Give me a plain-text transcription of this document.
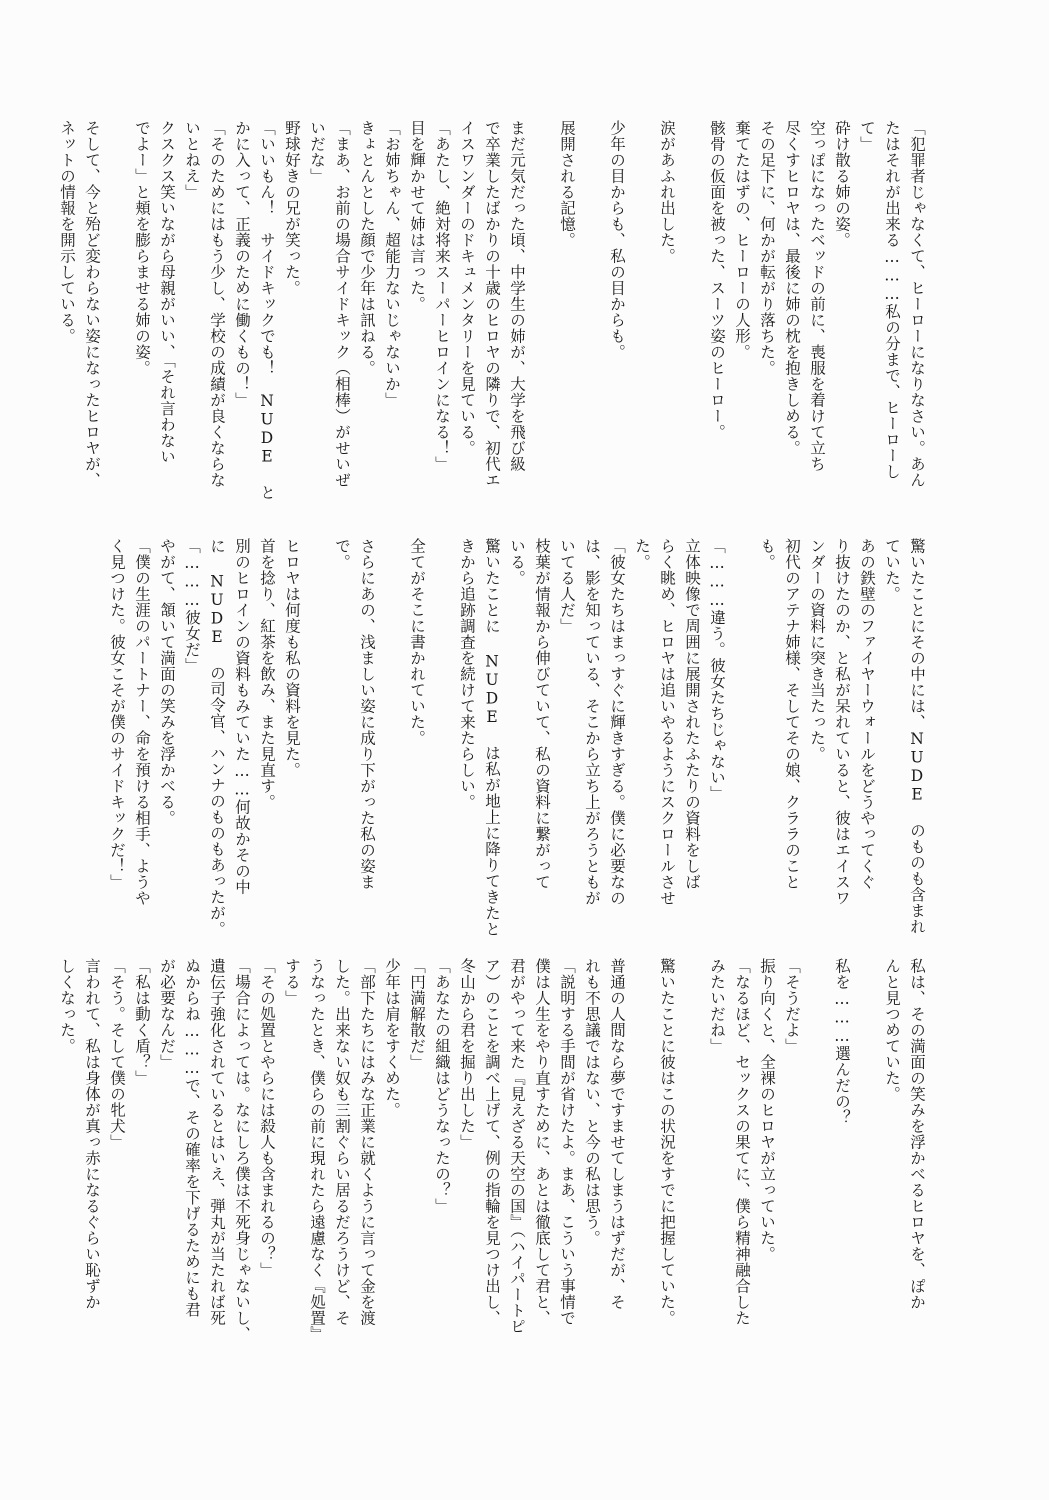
「犯罪者じゃなくて、ヒーローになりなさい。あん
たはそれが出来る………私の分まで、ヒーローし
て」
砕け散る姉の姿。
空っぽになったベッドの前に、喪服を着けて立ち
尽くすヒロヤは、最後に姉の枕を抱きしめる。
その足下に、何かが転がり落ちた。
棄てたはずの、ヒーローの人形。
骸骨の仮面を被った、スーツ姿のヒーロー。
涙があふれ出した。
少年の目からも、私の目からも。
展開される記憶。
まだ元気だった頃、中学生の姉が、大学を飛び級
で卒業したばかりの十歳のヒロヤの隣りで、初代エ
イスワンダーのドキュメンタリーを見ている。
「あたし、絶対将来スーパーヒロインになる！」
目を輝かせて姉は言った。
「お姉ちゃん、超能力ないじゃないか」
きょとんとした顔で少年は訊ねる。
「まあ、お前の場合サイドキック（相棒）がせいぜ
いだな」
野球好きの兄が笑った。
「いいもん！　サイドキックでも！　NUDE と
かに入って、正義のために働くもの！」
「そのためにはもう少し、学校の成績が良くならな
いとねえ」
クスクス笑いながら母親がいい、「それ言わない
でよー」と頬を膨らませる姉の姿。
そして、今と殆ど変わらない姿になったヒロヤが、
ネットの情報を開示している。
驚いたことにその中には、NUDE のものも含まれ
ていた。
あの鉄壁のファイヤーウォールをどうやってくぐ
り抜けたのか、と私が呆れていると、彼はエイスワ
ンダーの資料に突き当たった。
初代のアテナ姉様、そしてその娘、クララのこと
も。
「………違う。彼女たちじゃない」
立体映像で周囲に展開されたふたりの資料をしば
らく眺め、ヒロヤは追いやるようにスクロールさせ
た。
「彼女たちはまっすぐに輝きすぎる。僕に必要なの
は、影を知っている、そこから立ち上がろうともが
いてる人だ」
枝葉が情報から伸びていて、私の資料に繋がって
いる。
驚いたことに NUDE は私が地上に降りてきたと
きから追跡調査を続けて来たらしい。
全てがそこに書かれていた。
さらにあの、浅ましい姿に成り下がった私の姿ま
で。
ヒロヤは何度も私の資料を見た。
首を捻り、紅茶を飲み、また見直す。
別のヒロインの資料もみていた……何故かその中
に NUDE の司令官、ハンナのものもあったが。
「………彼女だ」
やがて、頷いて満面の笑みを浮かべる。
「僕の生涯のパートナー、命を預ける相手、ようや
く見つけた。彼女こそが僕のサイドキックだ！」
私は、その満面の笑みを浮かべるヒロヤを、ぽか
んと見つめていた。
私を………選んだの？
「そうだよ」
振り向くと、全裸のヒロヤが立っていた。
「なるほど、セックスの果てに、僕ら精神融合した
みたいだね」
驚いたことに彼はこの状況をすでに把握していた。
普通の人間なら夢ですませてしまうはずだが、そ
れも不思議ではない、と今の私は思う。
「説明する手間が省けたよ。まあ、こういう事情で
僕は人生をやり直すために、あとは徹底して君と、
君がやって来た『見えざる天空の国』（ハイパートピ
ア）のことを調べ上げて、例の指輪を見つけ出し、
冬山から君を掘り出した」
「あなたの組織はどうなったの？」
「円満解散だ」
少年は肩をすくめた。
「部下たちにはみな正業に就くように言って金を渡
した。出来ない奴も三割ぐらい居るだろうけど、そ
うなったとき、僕らの前に現れたら遠慮なく『処置』
する」
「その処置とやらには殺人も含まれるの？」
「場合によっては。なにしろ僕は不死身じゃないし、
遺伝子強化されているとはいえ、弾丸が当たれば死
ぬからね………で、その確率を下げるためにも君
が必要なんだ」
「私は動く盾？」
「そう。そして僕の牝犬」
言われて、私は身体が真っ赤になるぐらい恥ずか
しくなった。
